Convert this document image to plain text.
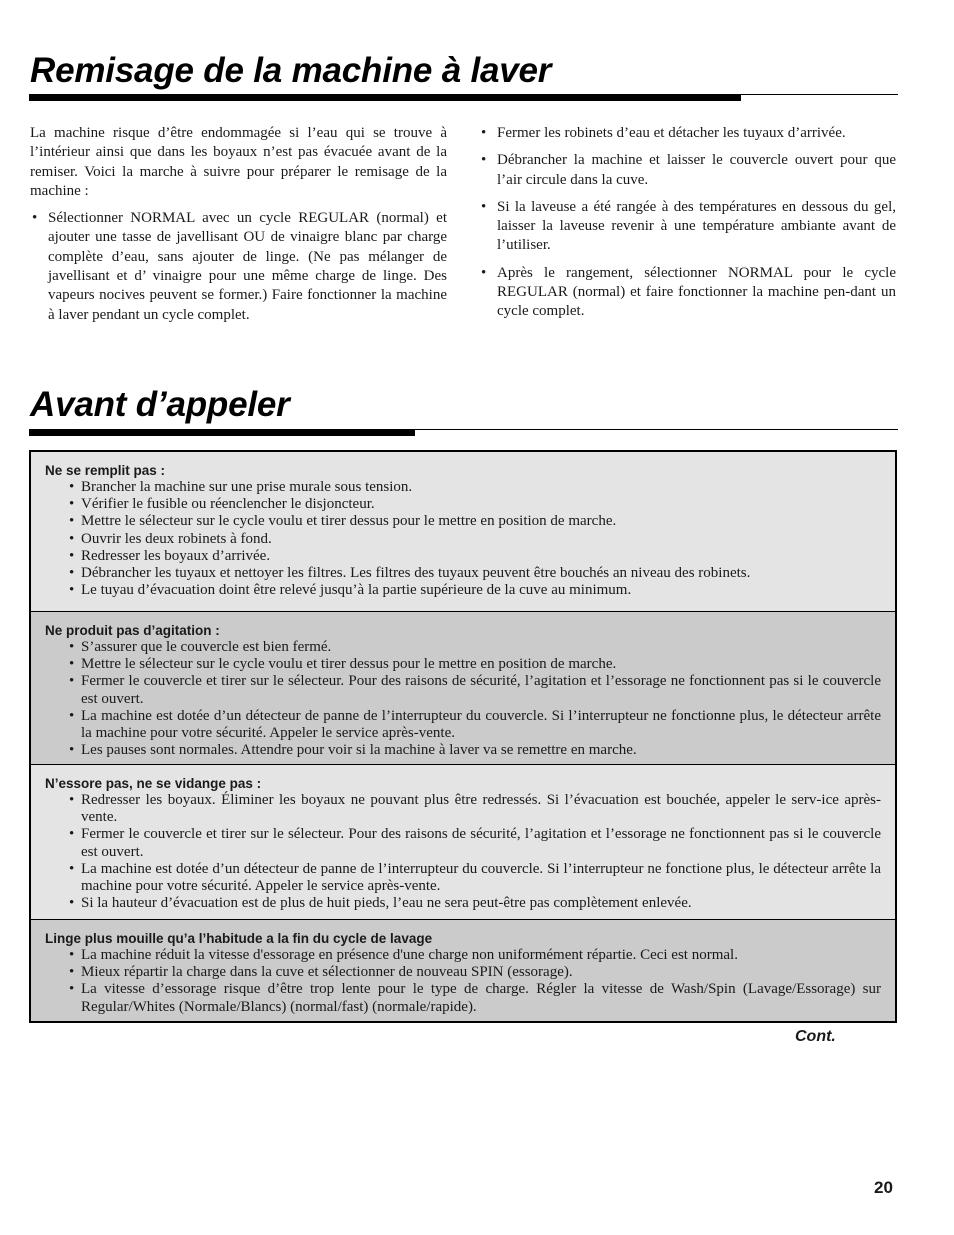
Remisage de la machine à laver

La machine risque d’être endommagée si l’eau qui se trouve à l’intérieur ainsi que dans les boyaux n’est pas évacuée avant de la remiser. Voici la marche à suivre pour préparer le remisage de la machine :

• Sélectionner NORMAL avec un cycle REGULAR (normal) et ajouter une tasse de javellisant OU de vinaigre blanc par charge complète d’eau, sans ajouter de linge. (Ne pas mélanger de javellisant et d’ vinaigre pour une même charge de linge. Des vapeurs nocives peuvent se former.) Faire fonctionner la machine à laver pendant un cycle complet.
• Fermer les robinets d’eau et détacher les tuyaux d’arrivée.
• Débrancher la machine et laisser le couvercle ouvert pour que l’air circule dans la cuve.
• Si la laveuse a été rangée à des températures en dessous du gel, laisser la laveuse revenir à une température ambiante avant de l’utiliser.
• Après le rangement, sélectionner NORMAL pour le cycle REGULAR (normal) et faire fonctionner la machine pen-dant un cycle complet.
Avant d’appeler
Ne se remplit pas :
• Brancher la machine sur une prise murale sous tension.
• Vérifier le fusible ou réenclencher le disjoncteur.
• Mettre le sélecteur sur le cycle voulu et tirer dessus pour le mettre en position de marche.
• Ouvrir les deux robinets à fond.
• Redresser les boyaux d’arrivée.
• Débrancher les tuyaux et nettoyer les filtres. Les filtres des tuyaux peuvent être bouchés an niveau des robinets.
• Le tuyau d’évacuation doint être relevé jusqu’à la partie supérieure de la cuve au minimum.
Ne produit pas d’agitation :
• S’assurer que le couvercle est bien fermé.
• Mettre le sélecteur sur le cycle voulu et tirer dessus pour le mettre en position de marche.
• Fermer le couvercle et tirer sur le sélecteur. Pour des raisons de sécurité, l’agitation et l’essorage ne fonctionnent pas si le couvercle est ouvert.
• La machine est dotée d’un détecteur de panne de l’interrupteur du couvercle. Si l’interrupteur ne fonctionne plus, le détecteur arrête la machine pour votre sécurité. Appeler le service après-vente.
• Les pauses sont normales. Attendre pour voir si la machine à laver va se remettre en marche.
N’essore pas, ne se vidange pas :
• Redresser les boyaux. Éliminer les boyaux ne pouvant plus être redressés. Si l’évacuation est bouchée, appeler le serv-ice après-vente.
• Fermer le couvercle et tirer sur le sélecteur. Pour des raisons de sécurité, l’agitation et l’essorage ne fonctionnent pas si le couvercle est ouvert.
• La machine est dotée d’un détecteur de panne de l’interrupteur du couvercle. Si l’interrupteur ne fonctione plus, le détecteur arrête la machine pour votre sécurité. Appeler le service après-vente.
• Si la hauteur d’évacuation est de plus de huit pieds, l’eau ne sera peut-être pas complètement enlevée.
Linge plus mouille qu’a l’habitude a la fin du cycle de lavage
• La machine réduit la vitesse d'essorage en présence d'une charge non uniformément répartie. Ceci est normal.
• Mieux répartir la charge dans la cuve et sélectionner de nouveau SPIN (essorage).
• La vitesse d’essorage risque d’être trop lente pour le type de charge. Régler la vitesse de Wash/Spin (Lavage/Essorage) sur Regular/Whites (Normale/Blancs) (normal/fast) (normale/rapide).
Cont.
20
